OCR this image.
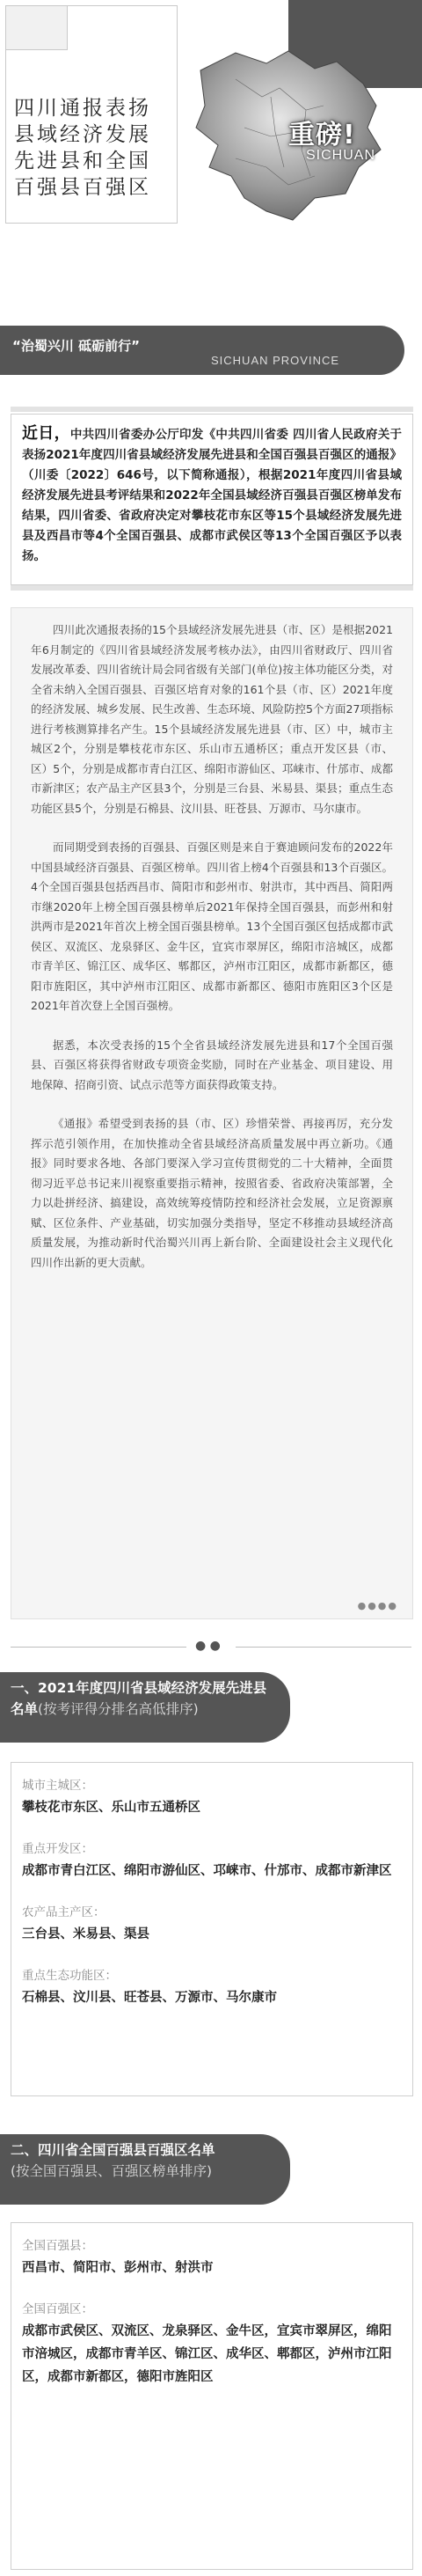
四川通报表扬县域经济发展先进县和全国百强县百强区
重磅!
SICHUAN
“治蜀兴川 砥砺前行”
SICHUAN PROVINCE

近日，中共四川省委办公厅印发《中共四川省委 四川省人民政府关于表扬2021年度四川省县域经济发展先进县和全国百强县百强区的通报》（川委〔2022〕646号，以下简称通报），根据2021年度四川省县域经济发展先进县考评结果和2022年全国县域经济百强县百强区榜单发布结果，四川省委、省政府决定对攀枝花市东区等15个县域经济发展先进县及西昌市等4个全国百强县、成都市武侯区等13个全国百强区予以表扬。

四川此次通报表扬的15个县域经济发展先进县（市、区）是根据2021年6月制定的《四川省县域经济发展考核办法》，由四川省财政厅、四川省发展改革委、四川省统计局会同省级有关部门(单位)按主体功能区分类，对全省未纳入全国百强县、百强区培育对象的161个县（市、区）2021年度的经济发展、城乡发展、民生改善、生态环境、风险防控5个方面27项指标进行考核测算排名产生。15个县域经济发展先进县（市、区）中，城市主城区2个，分别是攀枝花市东区、乐山市五通桥区；重点开发区县（市、区）5个，分别是成都市青白江区、绵阳市游仙区、邛崃市、什邡市、成都市新津区；农产品主产区县3个，分别是三台县、米易县、渠县；重点生态功能区县5个，分别是石棉县、汶川县、旺苍县、万源市、马尔康市。

而同期受到表扬的百强县、百强区则是来自于赛迪顾问发布的2022年中国县域经济百强县、百强区榜单。四川省上榜4个百强县和13个百强区。4个全国百强县包括西昌市、简阳市和彭州市、射洪市，其中西昌、简阳两市继2020年上榜全国百强县榜单后2021年保持全国百强县，而彭州和射洪两市是2021年首次上榜全国百强县榜单。13个全国百强区包括成都市武侯区、双流区、龙泉驿区、金牛区，宜宾市翠屏区，绵阳市涪城区，成都市青羊区、锦江区、成华区、郫都区，泸州市江阳区，成都市新都区，德阳市旌阳区，其中泸州市江阳区、成都市新都区、德阳市旌阳区3个区是2021年首次登上全国百强榜。

据悉，本次受表扬的15个全省县域经济发展先进县和17个全国百强县、百强区将获得省财政专项资金奖励，同时在产业基金、项目建设、用地保障、招商引资、试点示范等方面获得政策支持。

《通报》希望受到表扬的县（市、区）珍惜荣誉、再接再厉，充分发挥示范引领作用，在加快推动全省县域经济高质量发展中再立新功。《通报》同时要求各地、各部门要深入学习宣传贯彻党的二十大精神，全面贯彻习近平总书记来川视察重要指示精神，按照省委、省政府决策部署，全力以赴拼经济、搞建设，高效统筹疫情防控和经济社会发展，立足资源禀赋、区位条件、产业基础，切实加强分类指导，坚定不移推动县域经济高质量发展，为推动新时代治蜀兴川再上新台阶、全面建设社会主义现代化四川作出新的更大贡献。

●●●●
● ●
一、2021年度四川省县域经济发展先进县名单(按考评得分排名高低排序)
城市主城区：
攀枝花市东区、乐山市五通桥区
重点开发区：
成都市青白江区、绵阳市游仙区、邛崃市、什邡市、成都市新津区
农产品主产区：
三台县、米易县、渠县
重点生态功能区：
石棉县、汶川县、旺苍县、万源市、马尔康市
二、四川省全国百强县百强区名单
(按全国百强县、百强区榜单排序)
全国百强县：
西昌市、简阳市、彭州市、射洪市
全国百强区：
成都市武侯区、双流区、龙泉驿区、金牛区，宜宾市翠屏区，绵阳市涪城区，成都市青羊区、锦江区、成华区、郫都区，泸州市江阳区，成都市新都区，德阳市旌阳区
